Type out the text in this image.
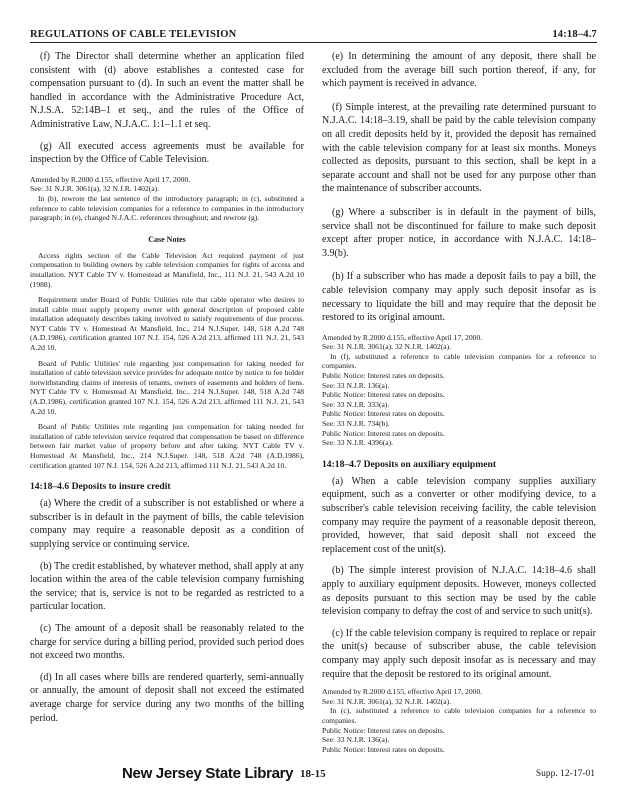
REGULATIONS OF CABLE TELEVISION	14:18–4.7

(f) The Director shall determine whether an application filed consistent with (d) above establishes a contested case for compensation pursuant to (d). In such an event the matter shall be handled in accordance with the Administrative Procedure Act, N.J.S.A. 52:14B–1 et seq., and the rules of the Office of Administrative Law, N.J.A.C. 1:1–1.1 et seq.

(g) All executed access agreements must be available for inspection by the Office of Cable Television.

Amended by R.2000 d.155, effective April 17, 2000.

See: 31 N.J.R. 3061(a), 32 N.J.R. 1402(a).

In (b), rewrote the last sentence of the introductory paragraph; in (c), substituted a reference to cable television companies for a reference to companies in the introductory paragraph; in (e), changed N.J.A.C. references throughout; and rewrote (g).

Case Notes

Access rights section of the Cable Television Act required payment of just compensation to building owners by cable television companies for rights of access and installation. NYT Cable TV v. Homestead at Mansfield, Inc., 111 N.J. 21, 543 A.2d 10 (1988).

Requirement under Board of Public Utilities rule that cable operator who desires to install cable must supply property owner with general description of proposed cable installation adequately describes taking involved to satisfy requirements of due process. NYT Cable TV v. Homestead At Mansfield, Inc., 214 N.J.Super. 148, 518 A.2d 748 (A.D.1986), certification granted 107 N.J. 154, 526 A.2d 213, affirmed 111 N.J. 21, 543 A.2d 10.

Board of Public Utilities' rule regarding just compensation for taking needed for installation of cable television service provides for adequate notice by notice to fee holder notwithstanding claims of interests of tenants, owners of easements and holders of liens. NYT Cable TV v. Homestead At Mansfield, Inc., 214 N.J.Super. 148, 518 A.2d 748 (A.D.1986), certification granted 107 N.J. 154, 526 A.2d 213, affirmed 111 N.J. 21, 543 A.2d 10.

Board of Public Utilities rule regarding just compensation for taking needed for installation of cable television service required that compensation be based on difference between fair market value of property before and after taking. NYT Cable TV v. Homestead At Mansfield, Inc., 214 N.J.Super. 148, 518 A.2d 748 (A.D.1986), certification granted 107 N.J. 154, 526 A.2d 213, affirmed 111 N.J. 21, 543 A.2d 10.

14:18–4.6 Deposits to insure credit

(a) Where the credit of a subscriber is not established or where a subscriber is in default in the payment of bills, the cable television company may require a reasonable deposit as a condition of supplying service or continuing service.

(b) The credit established, by whatever method, shall apply at any location within the area of the cable television company furnishing the service; that is, service is not to be regarded as restricted to a particular location.

(c) The amount of a deposit shall be reasonably related to the charge for service during a billing period, provided such period does not exceed two months.

(d) In all cases where bills are rendered quarterly, semi-annually or annually, the amount of deposit shall not exceed the estimated average charge for service during any two months of the billing period.

(e) In determining the amount of any deposit, there shall be excluded from the average bill such portion thereof, if any, for which payment is received in advance.

(f) Simple interest, at the prevailing rate determined pursuant to N.J.A.C. 14:18–3.19, shall be paid by the cable television company on all credit deposits held by it, provided the deposit has remained with the cable television company for at least six months. Moneys collected as deposits, pursuant to this section, shall be kept in a separate account and shall not be used for any purpose other than the maintenance of subscriber accounts.

(g) Where a subscriber is in default in the payment of bills, service shall not be discontinued for failure to make such deposit except after proper notice, in accordance with N.J.A.C. 14:18–3.9(b).

(h) If a subscriber who has made a deposit fails to pay a bill, the cable television company may apply such deposit insofar as is necessary to liquidate the bill and may require that the deposit be restored to its original amount.

Amended by R.2000 d.155, effective April 17, 2000.

See: 31 N.J.R. 3061(a), 32 N.J.R. 1402(a).

In (f), substituted a reference to cable television companies for a reference to companies.

Public Notice: Interest rates on deposits.

See: 33 N.J.R. 136(a).

Public Notice: Interest rates on deposits.

See: 33 N.J.R. 333(a).

Public Notice: Interest rates on deposits.

See: 33 N.J.R. 734(b).

Public Notice: Interest rates on deposits.

See: 33 N.J.R. 4396(a).

14:18–4.7 Deposits on auxiliary equipment

(a) When a cable television company supplies auxiliary equipment, such as a converter or other modifying device, to a subscriber's cable television receiving facility, the cable television company may require the payment of a reasonable deposit thereon, provided, however, that said deposit shall not exceed the replacement cost of the unit(s).

(b) The simple interest provision of N.J.A.C. 14:18–4.6 shall apply to auxiliary equipment deposits. However, moneys collected as deposits pursuant to this section may be used by the cable television company to defray the cost of and service to such unit(s).

(c) If the cable television company is required to replace or repair the unit(s) because of subscriber abuse, the cable television company may apply such deposit insofar as is necessary and may require that the deposit be restored to its original amount.

Amended by R.2000 d.155, effective April 17, 2000.

See: 31 N.J.R. 3061(a), 32 N.J.R. 1402(a).

In (c), substituted a reference to cable television companies for a reference to companies.

Public Notice: Interest rates on deposits.

See: 33 N.J.R. 136(a).

Public Notice: Interest rates on deposits.

New Jersey State Library 18-15	Supp. 12-17-01
